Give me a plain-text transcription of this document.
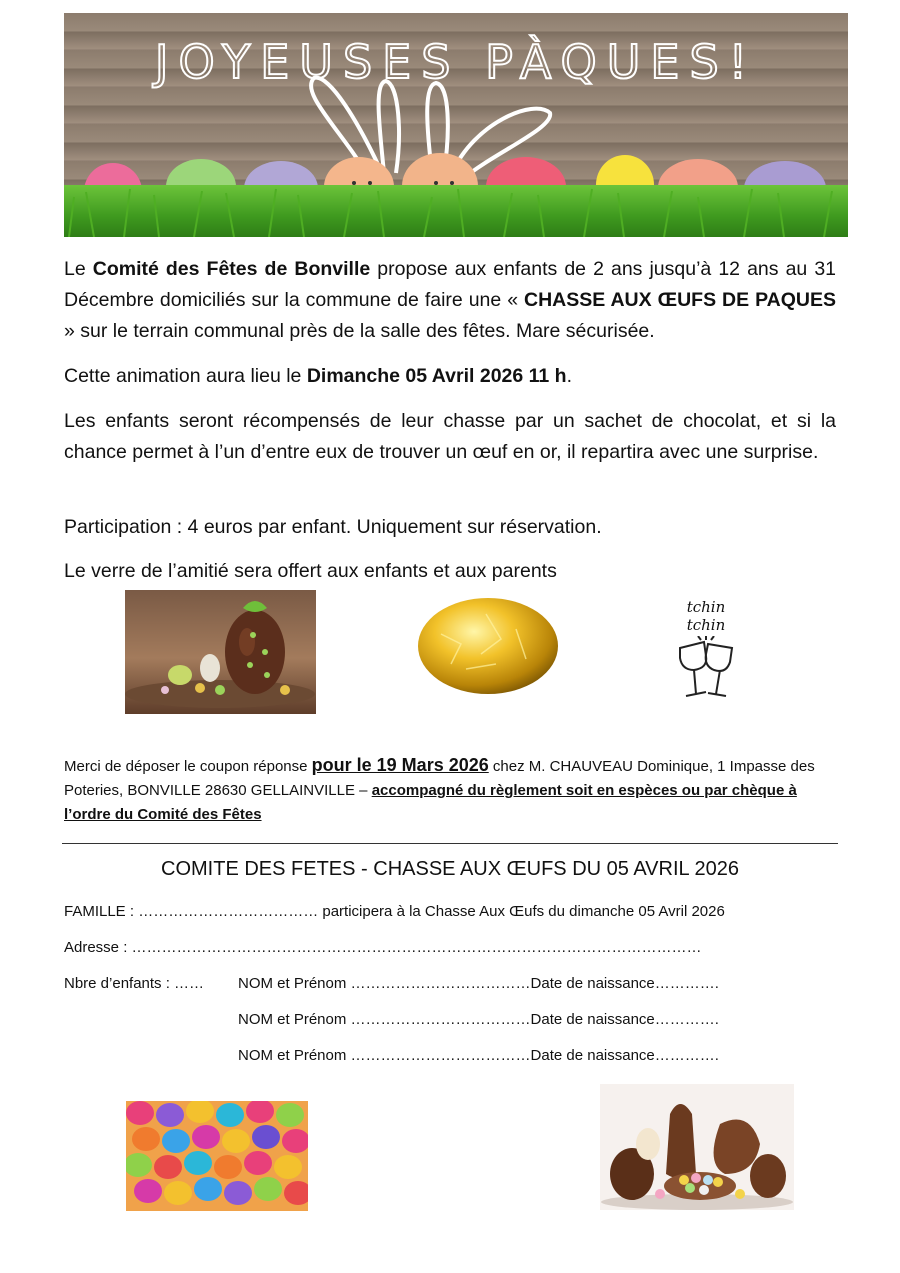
JOYEUSES PÀQUES!
Le Comité des Fêtes de Bonville propose aux enfants de 2 ans jusqu’à 12 ans au 31 Décembre domiciliés sur la commune de faire une « CHASSE AUX ŒUFS DE PAQUES » sur le terrain communal près de la salle des fêtes. Mare sécurisée.
Cette animation aura lieu le Dimanche 05 Avril 2026 11 h.
Les enfants seront récompensés de leur chasse par un sachet de chocolat, et si la chance permet à l’un d’entre eux de trouver un œuf en or, il repartira avec une surprise.
Participation : 4 euros par enfant. Uniquement sur réservation.
Le verre de l’amitié sera offert aux enfants et aux parents
tchin
tchin
Merci de déposer le coupon réponse pour le 19 Mars 2026 chez M. CHAUVEAU Dominique, 1 Impasse des Poteries, BONVILLE 28630 GELLAINVILLE – accompagné du règlement soit en espèces ou par chèque à l’ordre du Comité des Fêtes
COMITE DES FETES - CHASSE AUX ŒUFS DU 05 AVRIL 2026
FAMILLE : ……………………………… participera à la Chasse Aux Œufs du dimanche 05 Avril 2026
Adresse : ……………………………………………………………………………………………………
Nbre d’enfants : …… NOM et Prénom ………………………………Date de naissance………….
NOM et Prénom ………………………………Date de naissance………….
NOM et Prénom ………………………………Date de naissance………….
